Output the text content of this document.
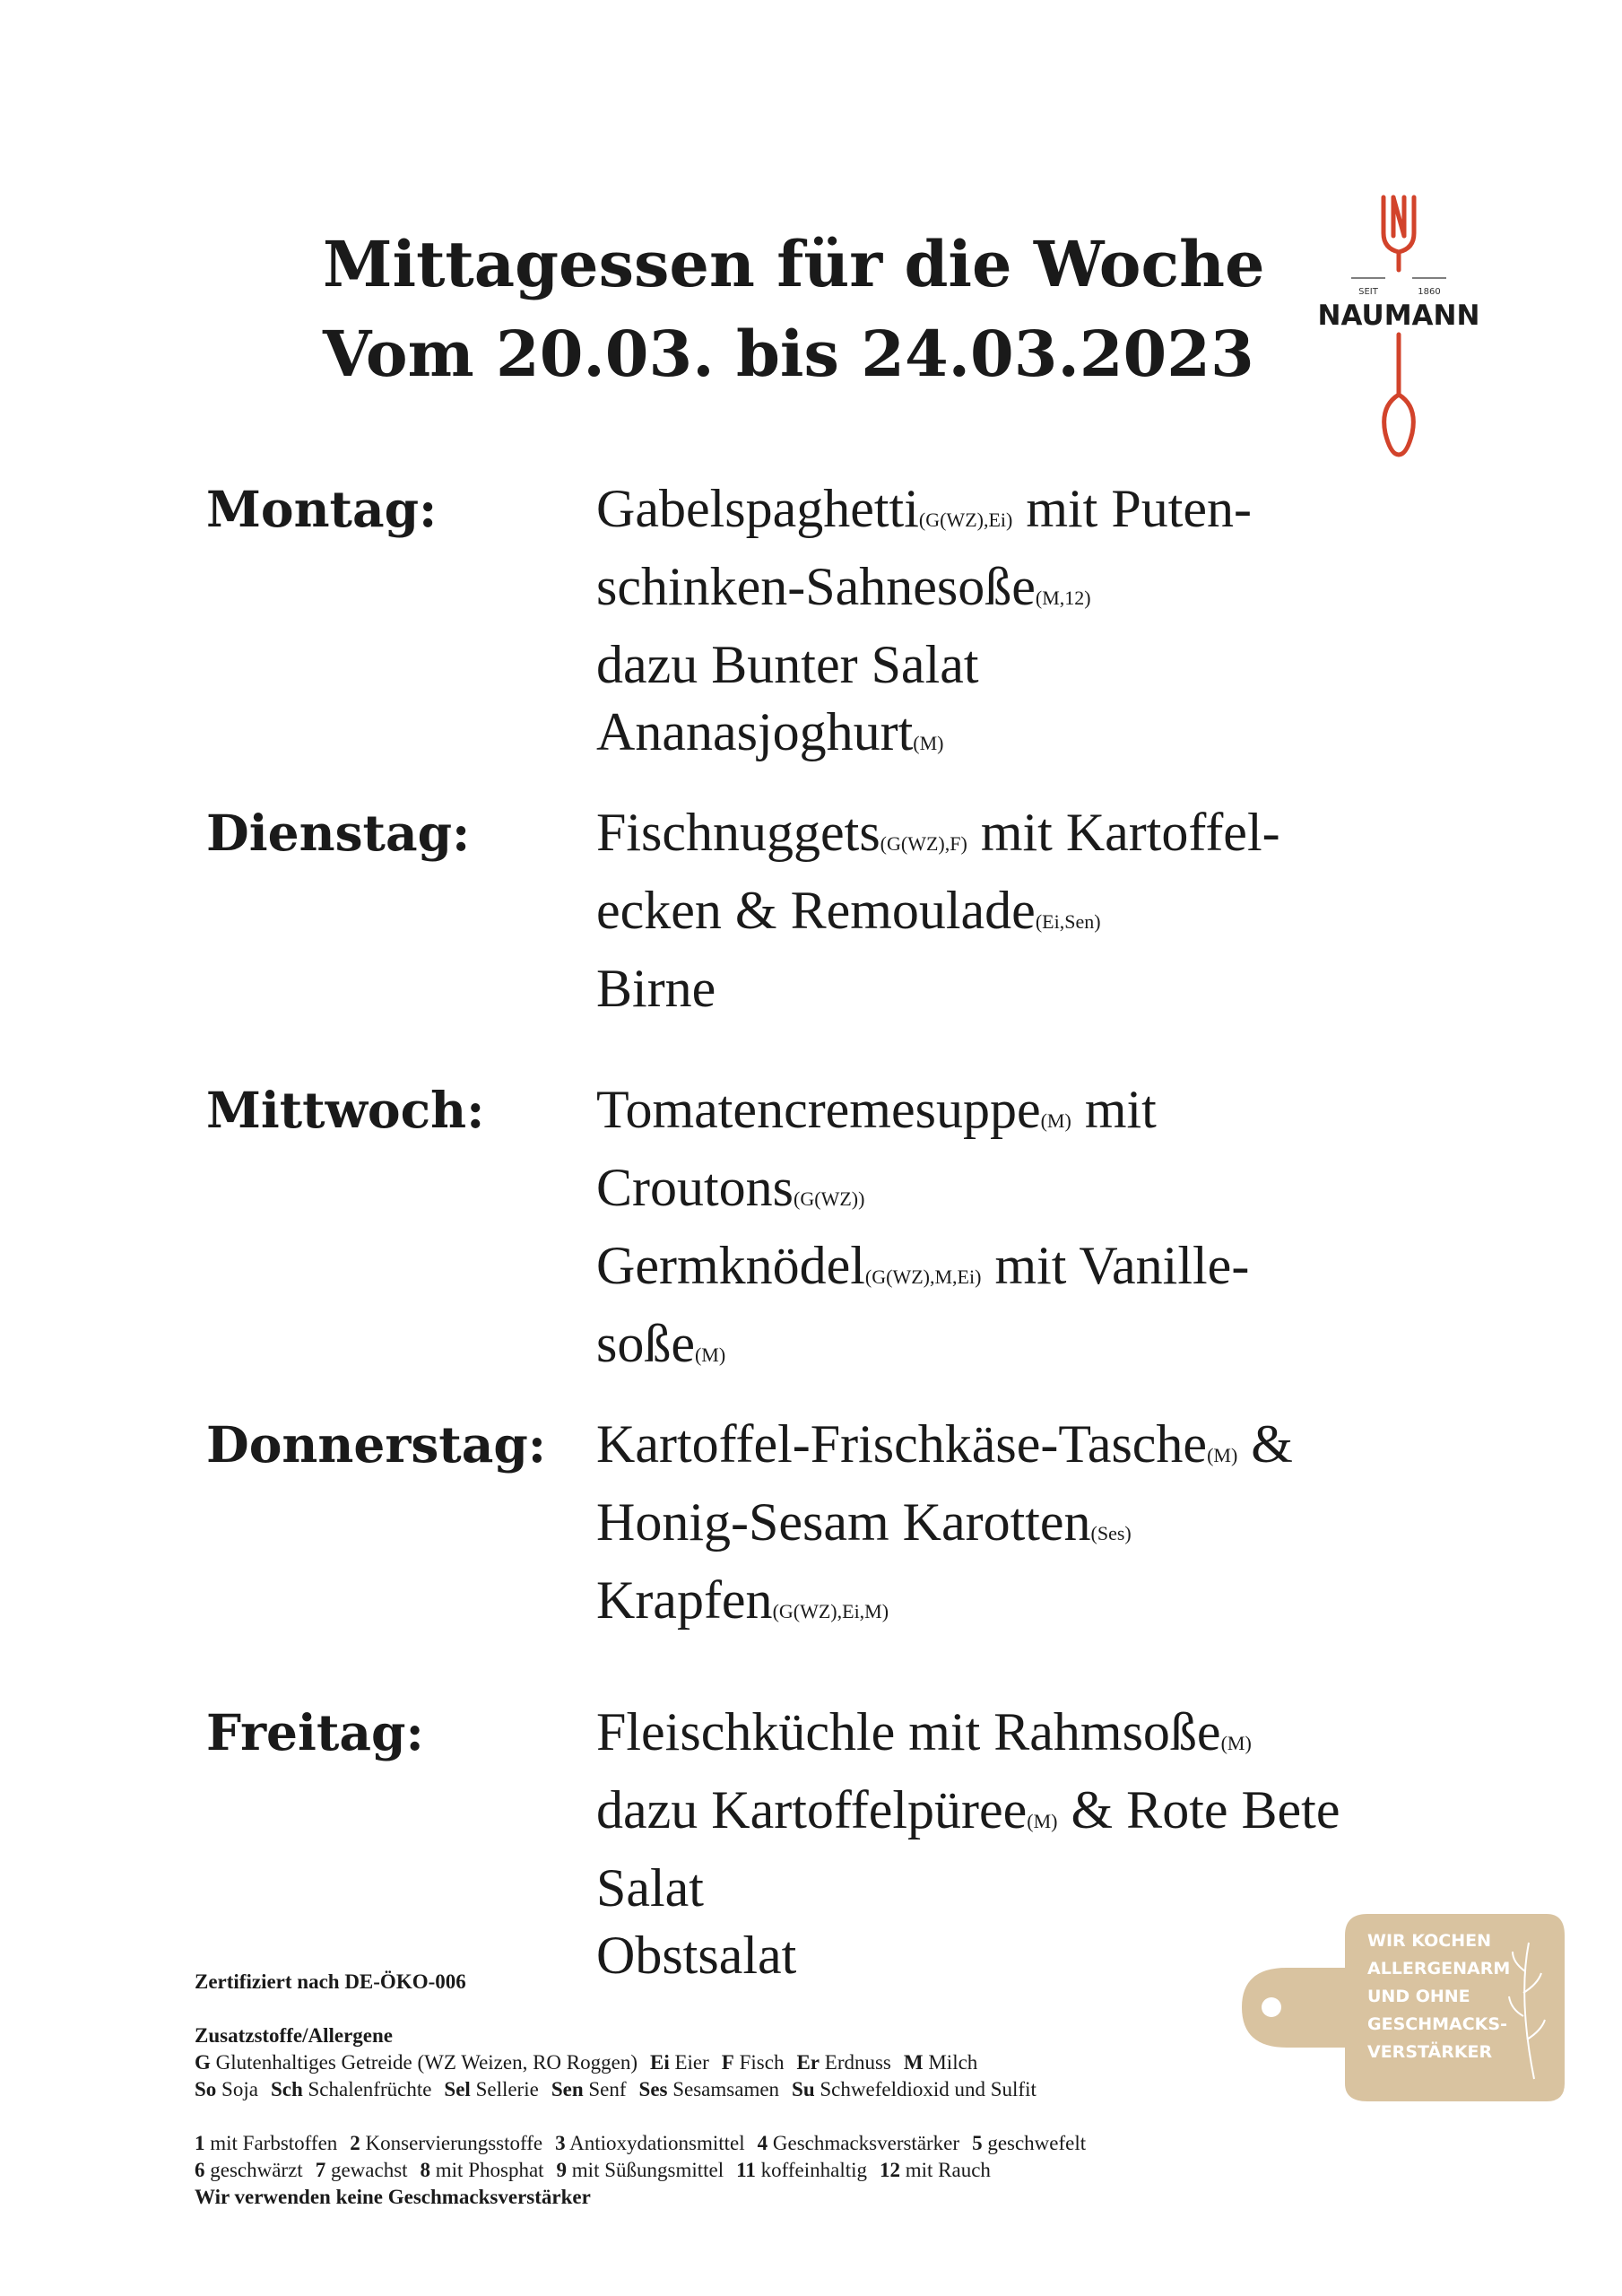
Mittagessen für die Woche
Vom 20.03. bis 24.03.2023
SEIT	1860
NAUMANN
Montag:	Gabelspaghetti(G(WZ),Ei) mit Puten-
schinken-Sahnesoße(M,12)
dazu Bunter Salat
Ananasjoghurt(M)
Dienstag:	Fischnuggets(G(WZ),F) mit Kartoffel-
ecken & Remoulade(Ei,Sen)
Birne
Mittwoch:	Tomatencremesuppe(M) mit
Croutons(G(WZ))
Germknödel(G(WZ),M,Ei) mit Vanille-
soße(M)
Donnerstag: Kartoffel-Frischkäse-Tasche(M) &
Honig-Sesam Karotten(Ses)
Krapfen(G(WZ),Ei,M)
Freitag:	Fleischküchle mit Rahmsoße(M)
dazu Kartoffelpüree(M) & Rote Bete
Salat
Obstsalat
Zertifiziert nach DE-ÖKO-006
Zusatzstoffe/Allergene
G Glutenhaltiges Getreide (WZ Weizen, RO Roggen) Ei Eier F Fisch Er Erdnuss M Milch
So Soja Sch Schalenfrüchte Sel Sellerie Sen Senf Ses Sesamsamen Su Schwefeldioxid und Sulfit
1 mit Farbstoffen 2 Konservierungsstoffe 3 Antioxydationsmittel 4 Geschmacksverstärker 5 geschwefelt
6 geschwärzt 7 gewachst 8 mit Phosphat 9 mit Süßungsmittel 11 koffeinhaltig 12 mit Rauch
Wir verwenden keine Geschmacksverstärker
WIR KOCHEN
ALLERGENARM
UND OHNE
GESCHMACKS-
VERSTÄRKER
